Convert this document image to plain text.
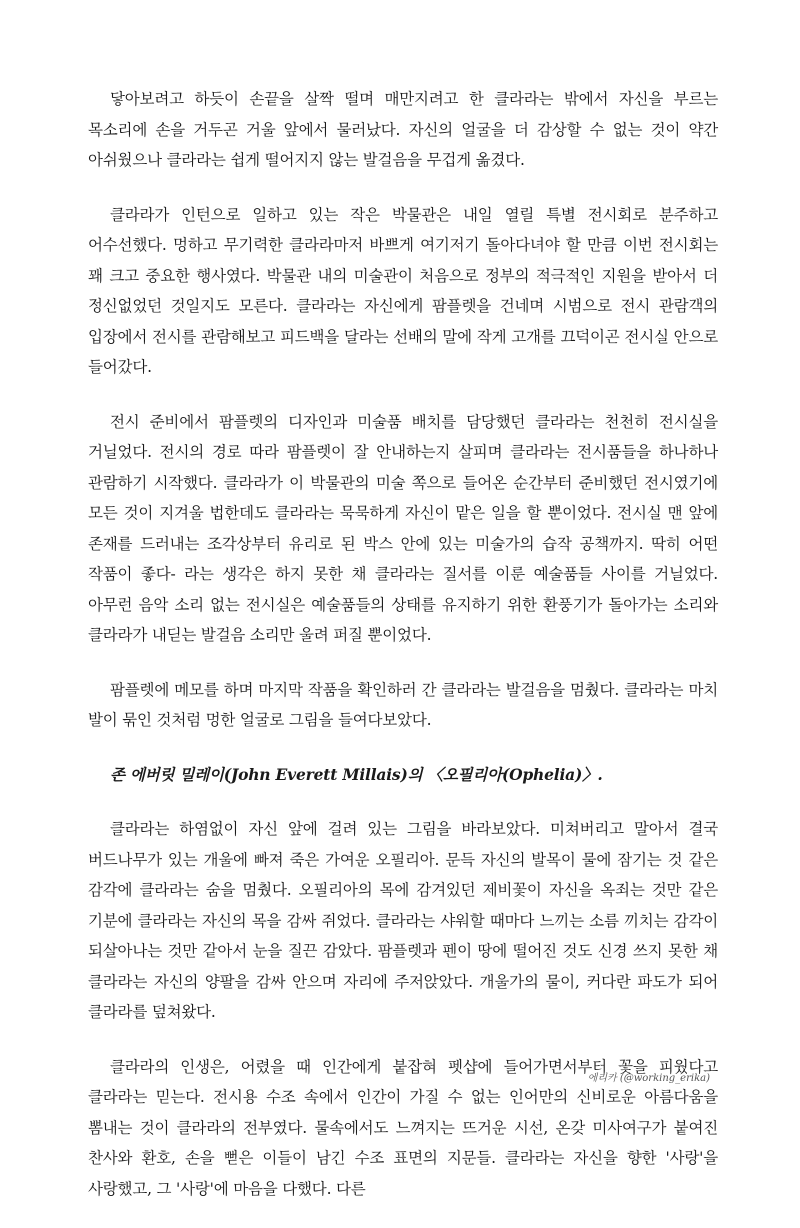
닿아보려고 하듯이 손끝을 살짝 떨며 매만지려고 한 클라라는 밖에서 자신을 부르는 목소리에 손을 거두곤 거울 앞에서 물러났다. 자신의 얼굴을 더 감상할 수 없는 것이 약간 아쉬웠으나 클라라는 쉽게 떨어지지 않는 발걸음을 무겁게 옮겼다.

클라라가 인턴으로 일하고 있는 작은 박물관은 내일 열릴 특별 전시회로 분주하고 어수선했다. 멍하고 무기력한 클라라마저 바쁘게 여기저기 돌아다녀야 할 만큼 이번 전시회는 꽤 크고 중요한 행사였다. 박물관 내의 미술관이 처음으로 정부의 적극적인 지원을 받아서 더 정신없었던 것일지도 모른다. 클라라는 자신에게 팜플렛을 건네며 시범으로 전시 관람객의 입장에서 전시를 관람해보고 피드백을 달라는 선배의 말에 작게 고개를 끄덕이곤 전시실 안으로 들어갔다.

전시 준비에서 팜플렛의 디자인과 미술품 배치를 담당했던 클라라는 천천히 전시실을 거닐었다. 전시의 경로 따라 팜플렛이 잘 안내하는지 살피며 클라라는 전시품들을 하나하나 관람하기 시작했다. 클라라가 이 박물관의 미술 쪽으로 들어온 순간부터 준비했던 전시였기에 모든 것이 지겨울 법한데도 클라라는 묵묵하게 자신이 맡은 일을 할 뿐이었다. 전시실 맨 앞에 존재를 드러내는 조각상부터 유리로 된 박스 안에 있는 미술가의 습작 공책까지. 딱히 어떤 작품이 좋다- 라는 생각은 하지 못한 채 클라라는 질서를 이룬 예술품들 사이를 거닐었다. 아무런 음악 소리 없는 전시실은 예술품들의 상태를 유지하기 위한 환풍기가 돌아가는 소리와 클라라가 내딛는 발걸음 소리만 울려 퍼질 뿐이었다.

팜플렛에 메모를 하며 마지막 작품을 확인하러 간 클라라는 발걸음을 멈췄다. 클라라는 마치 발이 묶인 것처럼 멍한 얼굴로 그림을 들여다보았다.

존 에버릿 밀레이(John Everett Millais)의 〈오필리아(Ophelia)〉.

클라라는 하염없이 자신 앞에 걸려 있는 그림을 바라보았다. 미쳐버리고 말아서 결국 버드나무가 있는 개울에 빠져 죽은 가여운 오필리아. 문득 자신의 발목이 물에 잠기는 것 같은 감각에 클라라는 숨을 멈췄다. 오필리아의 목에 감겨있던 제비꽃이 자신을 옥죄는 것만 같은 기분에 클라라는 자신의 목을 감싸 쥐었다. 클라라는 샤워할 때마다 느끼는 소름 끼치는 감각이 되살아나는 것만 같아서 눈을 질끈 감았다. 팜플렛과 펜이 땅에 떨어진 것도 신경 쓰지 못한 채 클라라는 자신의 양팔을 감싸 안으며 자리에 주저앉았다. 개울가의 물이, 커다란 파도가 되어 클라라를 덮쳐왔다.

클라라의 인생은, 어렸을 때 인간에게 붙잡혀 펫샵에 들어가면서부터 꽃을 피웠다고 클라라는 믿는다. 전시용 수조 속에서 인간이 가질 수 없는 인어만의 신비로운 아름다움을 뽐내는 것이 클라라의 전부였다. 물속에서도 느껴지는 뜨거운 시선, 온갖 미사여구가 붙여진 찬사와 환호, 손을 뻗은 이들이 남긴 수조 표면의 지문들. 클라라는 자신을 향한 '사랑'을 사랑했고, 그 '사랑'에 마음을 다했다. 다른

에리카 (@working_erika)
